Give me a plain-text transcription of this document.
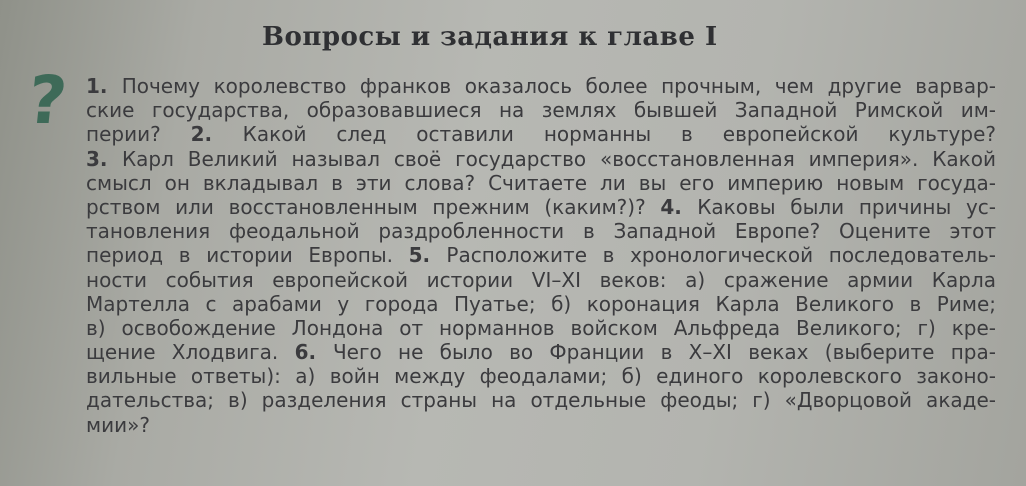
Вопросы и задания к главе I
? 1. Почему королевство франков оказалось более прочным, чем другие варвар-
ские государства, образовавшиеся на землях бывшей Западной Римской им-
перии? 2. Какой след оставили норманны в европейской культуре?
3. Карл Великий называл своё государство «восстановленная империя». Какой
смысл он вкладывал в эти слова? Считаете ли вы его империю новым госуда-
рством или восстановленным прежним (каким?)? 4. Каковы были причины ус-
тановления феодальной раздробленности в Западной Европе? Оцените этот
период в истории Европы. 5. Расположите в хронологической последователь-
ности события европейской истории VI–XI веков: а) сражение армии Карла
Мартелла с арабами у города Пуатье; б) коронация Карла Великого в Риме;
в) освобождение Лондона от норманнов войском Альфреда Великого; г) кре-
щение Хлодвига. 6. Чего не было во Франции в X–XI веках (выберите пра-
вильные ответы): а) войн между феодалами; б) единого королевского законо-
дательства; в) разделения страны на отдельные феоды; г) «Дворцовой акаде-
мии»?
